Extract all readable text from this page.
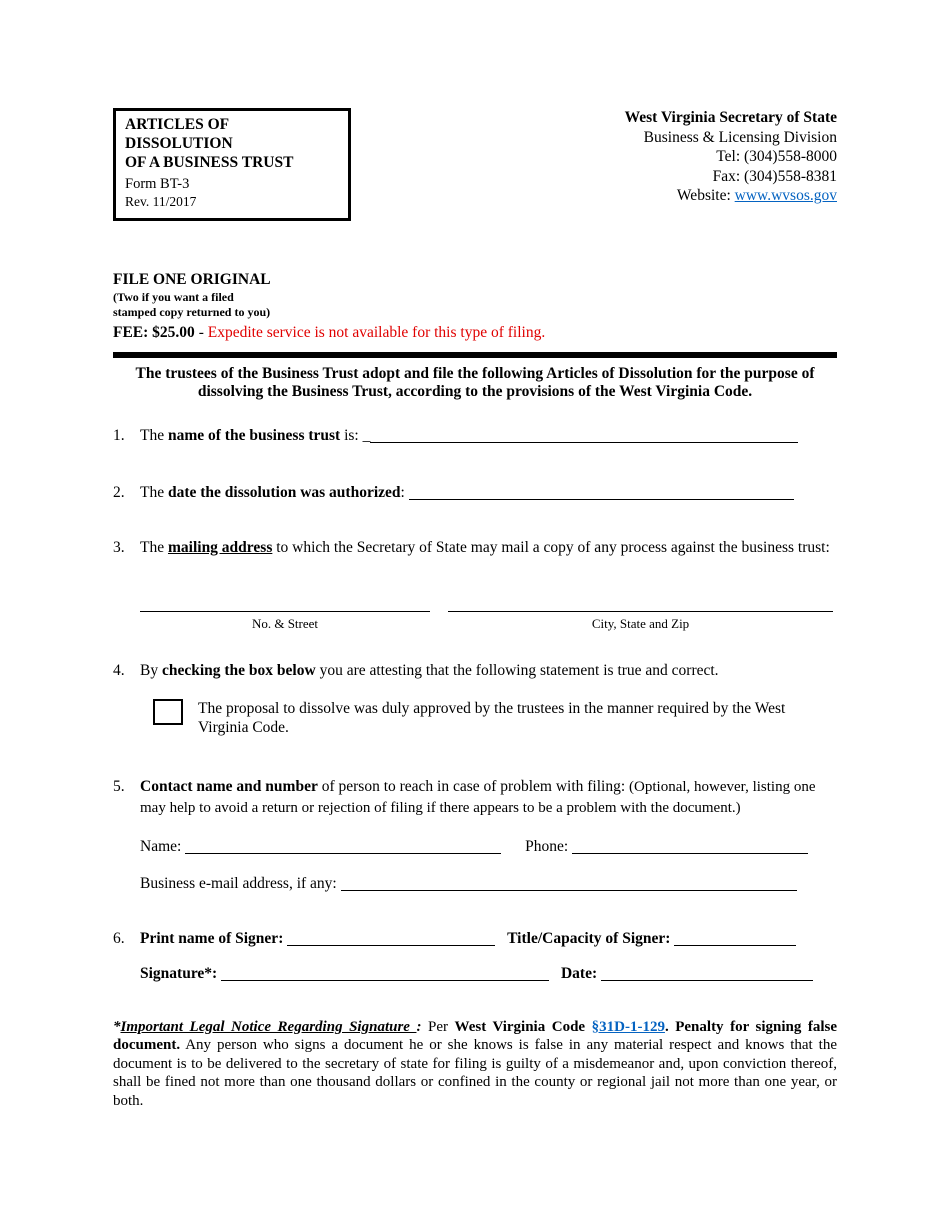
ARTICLES OF DISSOLUTION
OF A BUSINESS TRUST
Form BT-3
Rev. 11/2017
West Virginia Secretary of State
Business & Licensing Division
Tel: (304)558-8000
Fax: (304)558-8381
Website: www.wvsos.gov
FILE ONE ORIGINAL
(Two if you want a filed
stamped copy returned to you)
FEE: $25.00 - Expedite service is not available for this type of filing.

The trustees of the Business Trust adopt and file the following Articles of Dissolution for the purpose of dissolving the Business Trust, according to the provisions of the West Virginia Code.

1. The name of the business trust is: _
2. The date the dissolution was authorized:
3. The mailing address to which the Secretary of State may mail a copy of any process against the business trust:
No. & Street	City, State and Zip
4. By checking the box below you are attesting that the following statement is true and correct.
The proposal to dissolve was duly approved by the trustees in the manner required by the West Virginia Code.
5. Contact name and number of person to reach in case of problem with filing: (Optional, however, listing one may help to avoid a return or rejection of filing if there appears to be a problem with the document.)
Name:	Phone:
Business e-mail address, if any:
6. Print name of Signer:	Title/Capacity of Signer:
Signature*:	Date:

*Important Legal Notice Regarding Signature : Per West Virginia Code §31D-1-129. Penalty for signing false document. Any person who signs a document he or she knows is false in any material respect and knows that the document is to be delivered to the secretary of state for filing is guilty of a misdemeanor and, upon conviction thereof, shall be fined not more than one thousand dollars or confined in the county or regional jail not more than one year, or both.
